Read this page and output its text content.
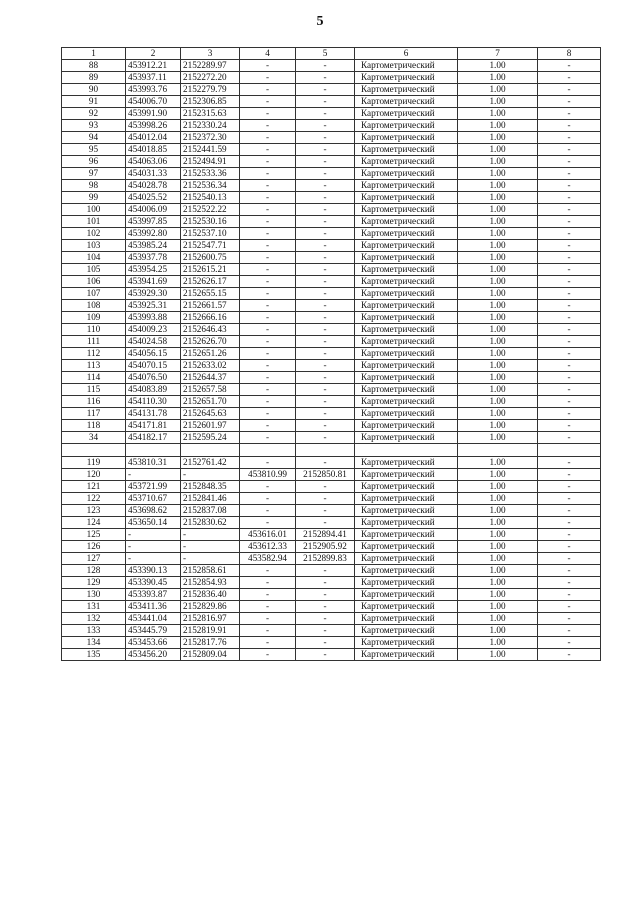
5
1	2	3	4	5	6	7	8
88	453912.21	2152289.97	-	-	Картометрический	1.00	-
89	453937.11	2152272.20	-	-	Картометрический	1.00	-
90	453993.76	2152279.79	-	-	Картометрический	1.00	-
91	454006.70	2152306.85	-	-	Картометрический	1.00	-
92	453991.90	2152315.63	-	-	Картометрический	1.00	-
93	453998.26	2152330.24	-	-	Картометрический	1.00	-
94	454012.04	2152372.30	-	-	Картометрический	1.00	-
95	454018.85	2152441.59	-	-	Картометрический	1.00	-
96	454063.06	2152494.91	-	-	Картометрический	1.00	-
97	454031.33	2152533.36	-	-	Картометрический	1.00	-
98	454028.78	2152536.34	-	-	Картометрический	1.00	-
99	454025.52	2152540.13	-	-	Картометрический	1.00	-
100	454006.09	2152522.22	-	-	Картометрический	1.00	-
101	453997.85	2152530.16	-	-	Картометрический	1.00	-
102	453992.80	2152537.10	-	-	Картометрический	1.00	-
103	453985.24	2152547.71	-	-	Картометрический	1.00	-
104	453937.78	2152600.75	-	-	Картометрический	1.00	-
105	453954.25	2152615.21	-	-	Картометрический	1.00	-
106	453941.69	2152626.17	-	-	Картометрический	1.00	-
107	453929.30	2152655.15	-	-	Картометрический	1.00	-
108	453925.31	2152661.57	-	-	Картометрический	1.00	-
109	453993.88	2152666.16	-	-	Картометрический	1.00	-
110	454009.23	2152646.43	-	-	Картометрический	1.00	-
111	454024.58	2152626.70	-	-	Картометрический	1.00	-
112	454056.15	2152651.26	-	-	Картометрический	1.00	-
113	454070.15	2152633.02	-	-	Картометрический	1.00	-
114	454076.50	2152644.37	-	-	Картометрический	1.00	-
115	454083.89	2152657.58	-	-	Картометрический	1.00	-
116	454110.30	2152651.70	-	-	Картометрический	1.00	-
117	454131.78	2152645.63	-	-	Картометрический	1.00	-
118	454171.81	2152601.97	-	-	Картометрический	1.00	-
34	454182.17	2152595.24	-	-	Картометрический	1.00	-

119	453810.31	2152761.42	-	-	Картометрический	1.00	-
120	-	-	453810.99	2152850.81	Картометрический	1.00	-
121	453721.99	2152848.35	-	-	Картометрический	1.00	-
122	453710.67	2152841.46	-	-	Картометрический	1.00	-
123	453698.62	2152837.08	-	-	Картометрический	1.00	-
124	453650.14	2152830.62	-	-	Картометрический	1.00	-
125	-	-	453616.01	2152894.41	Картометрический	1.00	-
126	-	-	453612.33	2152905.92	Картометрический	1.00	-
127	-	-	453582.94	2152899.83	Картометрический	1.00	-
128	453390.13	2152858.61	-	-	Картометрический	1.00	-
129	453390.45	2152854.93	-	-	Картометрический	1.00	-
130	453393.87	2152836.40	-	-	Картометрический	1.00	-
131	453411.36	2152829.86	-	-	Картометрический	1.00	-
132	453441.04	2152816.97	-	-	Картометрический	1.00	-
133	453445.79	2152819.91	-	-	Картометрический	1.00	-
134	453453.66	2152817.76	-	-	Картометрический	1.00	-
135	453456.20	2152809.04	-	-	Картометрический	1.00	-
